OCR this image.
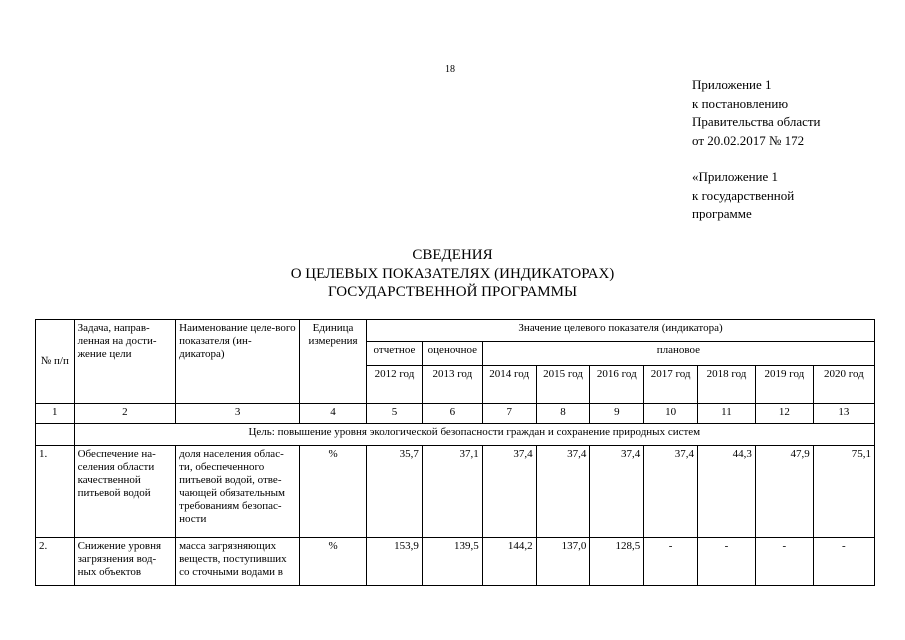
18
Приложение 1
к постановлению
Правительства области
от 20.02.2017 № 172
«Приложение 1
к государственной
программе
СВЕДЕНИЯ
О ЦЕЛЕВЫХ ПОКАЗАТЕЛЯХ (ИНДИКАТОРАХ)
ГОСУДАРСТВЕННОЙ ПРОГРАММЫ
№ п/п	Задача, направ-ленная на дости-жение цели	Наименование целе-вого показателя (ин-дикатора)	Единица измерения	Значение целевого показателя (индикатора)								
				отчетное	оценочное	плановое						
				2012 год	2013 год	2014 год	2015 год	2016 год	2017 год	2018 год	2019 год	2020 год
1	2	3	4	5	6	7	8	9	10	11	12	13
	Цель: повышение уровня экологической безопасности граждан и сохранение природных систем											
1.	Обеспечение на-селения области качественной питьевой водой	доля населения облас-ти, обеспеченного питьевой водой, отве-чающей обязательным требованиям безопас-ности	%	35,7	37,1	37,4	37,4	37,4	37,4	44,3	47,9	75,1
2.	Снижение уровня загрязнения вод-ных объектов	масса загрязняющих веществ, поступивших со сточными водами в	%	153,9	139,5	144,2	137,0	128,5	-	-	-	-
